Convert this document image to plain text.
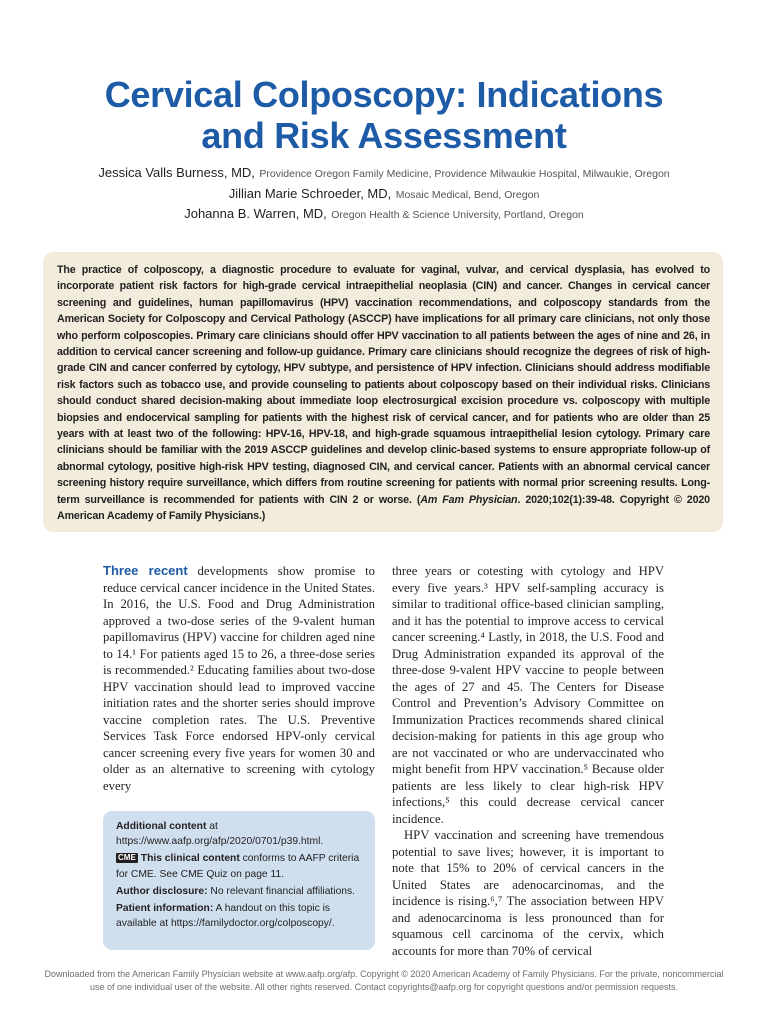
Cervical Colposcopy: Indications
and Risk Assessment
Jessica Valls Burness, MD, Providence Oregon Family Medicine, Providence Milwaukie Hospital, Milwaukie, Oregon
Jillian Marie Schroeder, MD, Mosaic Medical, Bend, Oregon
Johanna B. Warren, MD, Oregon Health & Science University, Portland, Oregon

The practice of colposcopy, a diagnostic procedure to evaluate for vaginal, vulvar, and cervical dysplasia, has evolved to incorporate patient risk factors for high-grade cervical intraepithelial neoplasia (CIN) and cancer. Changes in cervical cancer screening and guidelines, human papillomavirus (HPV) vaccination recommendations, and colposcopy standards from the American Society for Colposcopy and Cervical Pathology (ASCCP) have implications for all primary care clinicians, not only those who perform colposcopies. Primary care clinicians should offer HPV vaccination to all patients between the ages of nine and 26, in addition to cervical cancer screening and follow-up guidance. Primary care clinicians should recognize the degrees of risk of high-grade CIN and cancer conferred by cytology, HPV subtype, and persistence of HPV infection. Clinicians should address modifiable risk factors such as tobacco use, and provide counseling to patients about colposcopy based on their individual risks. Clinicians should conduct shared decision-making about immediate loop electrosurgical excision procedure vs. colposcopy with multiple biopsies and endocervical sampling for patients with the highest risk of cervical cancer, and for patients who are older than 25 years with at least two of the following: HPV-16, HPV-18, and high-grade squamous intraepithelial lesion cytology. Primary care clinicians should be familiar with the 2019 ASCCP guidelines and develop clinic-based systems to ensure appropriate follow-up of abnormal cytology, positive high-risk HPV testing, diagnosed CIN, and cervical cancer. Patients with an abnormal cervical cancer screening history require surveillance, which differs from routine screening for patients with normal prior screening results. Long-term surveillance is recommended for patients with CIN 2 or worse. (Am Fam Physician. 2020;102(1):39-48. Copyright © 2020 American Academy of Family Physicians.)

Three recent developments show promise to reduce cervical cancer incidence in the United States. In 2016, the U.S. Food and Drug Administration approved a two-dose series of the 9-valent human papillomavirus (HPV) vaccine for children aged nine to 14.¹ For patients aged 15 to 26, a three-dose series is recommended.² Educating families about two-dose HPV vaccination should lead to improved vaccine initiation rates and the shorter series should improve vaccine completion rates. The U.S. Preventive Services Task Force endorsed HPV-only cervical cancer screening every five years for women 30 and older as an alternative to screening with cytology every

three years or cotesting with cytology and HPV every five years.³ HPV self-sampling accuracy is similar to traditional office-based clinician sampling, and it has the potential to improve access to cervical cancer screening.⁴ Lastly, in 2018, the U.S. Food and Drug Administration expanded its approval of the three-dose 9-valent HPV vaccine to people between the ages of 27 and 45. The Centers for Disease Control and Prevention’s Advisory Committee on Immunization Practices recommends shared clinical decision-making for patients in this age group who are not vaccinated or who are undervaccinated who might benefit from HPV vaccination.⁵ Because older patients are less likely to clear high-risk HPV infections,⁵ this could decrease cervical cancer incidence.

HPV vaccination and screening have tremendous potential to save lives; however, it is important to note that 15% to 20% of cervical cancers in the United States are adenocarcinomas, and the incidence is rising.⁶,⁷ The association between HPV and adenocarcinoma is less pronounced than for squamous cell carcinoma of the cervix, which accounts for more than 70% of cervical

Additional content at https://www.aafp.org/afp/2020/0701/p39.html.

CME This clinical content conforms to AAFP criteria for CME. See CME Quiz on page 11.

Author disclosure: No relevant financial affiliations.

Patient information: A handout on this topic is available at https://familydoctor.org/colposcopy/.

Downloaded from the American Family Physician website at www.aafp.org/afp. Copyright © 2020 American Academy of Family Physicians. For the private, noncommercial use of one individual user of the website. All other rights reserved. Contact copyrights@aafp.org for copyright questions and/or permission requests.
